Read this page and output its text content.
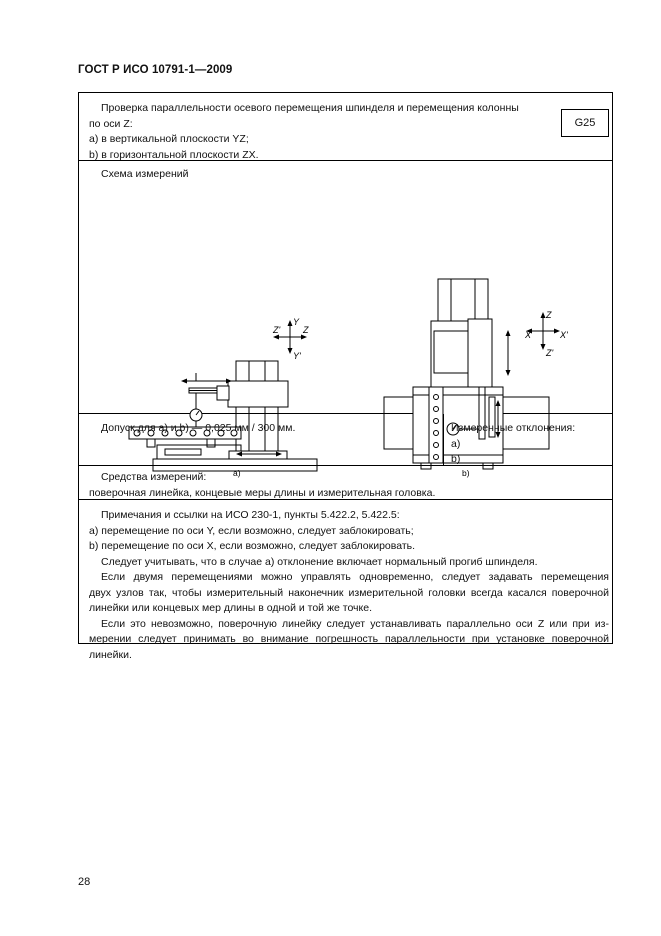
ГОСТ Р ИСО 10791-1—2009
Проверка параллельности осевого перемещения шпинделя и перемещения колонны
по оси Z:
a) в вертикальной плоскости YZ;
b) в горизонтальной плоскости ZX.
G25
Схема измерений
Z'	Z
Y
Y'
a)
X	X'
Z
Z'
b)
Допуск для a) и b) — 0,025 мм / 300 мм.	Измеренные отклонения:
a)
b)
Средства измерений:
поверочная линейка, концевые меры длины и измерительная головка.

Примечания и ссылки на ИСО 230-1, пункты 5.422.2, 5.422.5:

a) перемещение по оси Y, если возможно, следует заблокировать;

b) перемещение по оси X, если возможно, следует заблокировать.

Следует учитывать, что в случае a) отклонение включает нормальный прогиб шпинделя.

Если двумя перемещениями можно управлять одновременно, следует задавать перемещения

двух узлов так, чтобы измерительный наконечник измерительной головки всегда касался поверочной

линейки или концевых мер длины в одной и той же точке.

Если это невозможно, поверочную линейку следует устанавливать параллельно оси Z или при из-

мерении следует принимать во внимание погрешность параллельности при установке поверочной

линейки.

28
